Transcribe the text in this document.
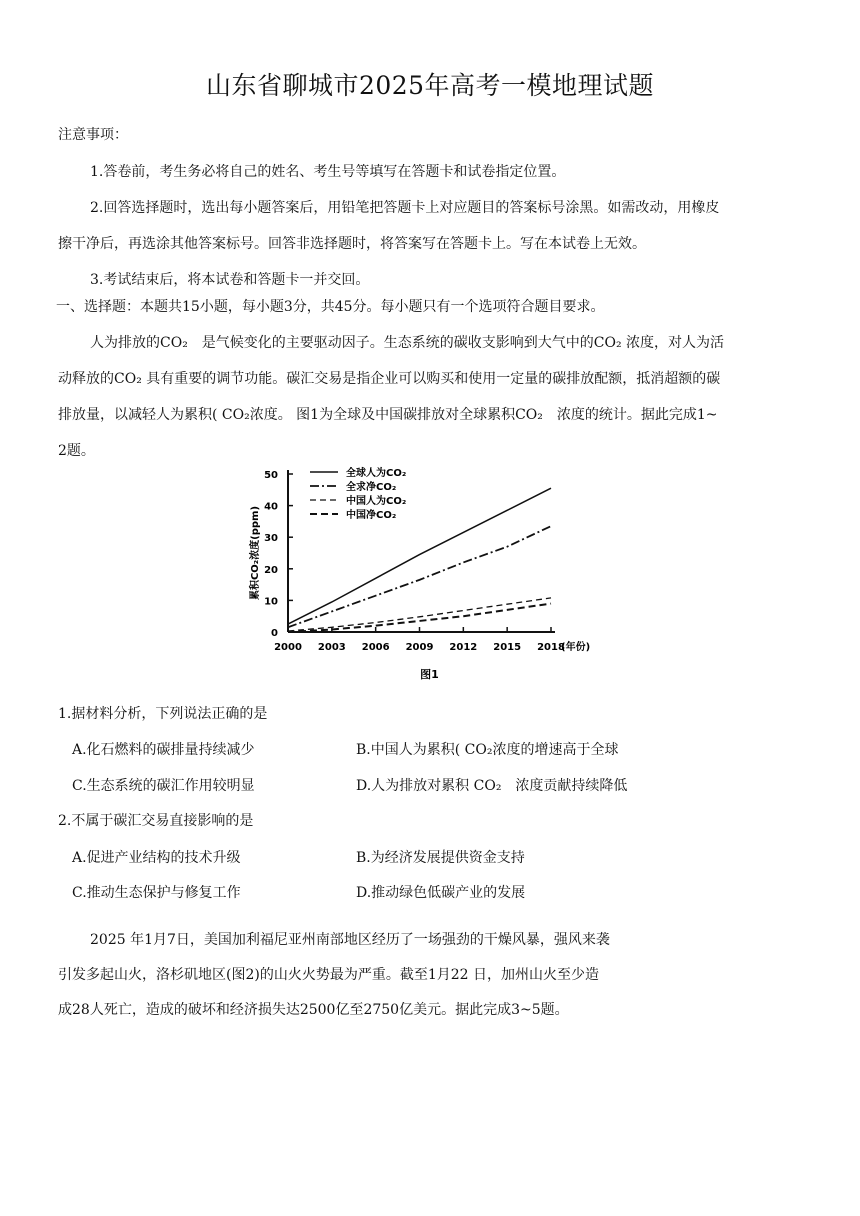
山东省聊城市2025年高考一模地理试题
注意事项：
1.答卷前，考生务必将自己的姓名、考生号等填写在答题卡和试卷指定位置。
2.回答选择题时，选出每小题答案后，用铅笔把答题卡上对应题目的答案标号涂黑。如需改动，用橡皮
擦干净后，再选涂其他答案标号。回答非选择题时，将答案写在答题卡上。写在本试卷上无效。
3.考试结束后，将本试卷和答题卡一并交回。
一、选择题：本题共15小题，每小题3分，共45分。每小题只有一个选项符合题目要求。
人为排放的CO₂　是气候变化的主要驱动因子。生态系统的碳收支影响到大气中的CO₂ 浓度，对人为活
动释放的CO₂ 具有重要的调节功能。碳汇交易是指企业可以购买和使用一定量的碳排放配额，抵消超额的碳
排放量，以减轻人为累积( CO₂浓度。 图1为全球及中国碳排放对全球累积CO₂　浓度的统计。据此完成1~
2题。
0
10
20
30
40
50
2000 2003 2006 2009 2012 2015 2018
累积CO₂浓度(ppm)
(年份)
图1
全球人为CO₂
全求净CO₂
中国人为CO₂
中国净CO₂
1.据材料分析，下列说法正确的是
A.化石燃料的碳排量持续减少	B.中国人为累积( CO₂浓度的增速高于全球
C.生态系统的碳汇作用较明显	D.人为排放对累积 CO₂　浓度贡献持续降低
2.不属于碳汇交易直接影响的是
A.促进产业结构的技术升级	B.为经济发展提供资金支持
C.推动生态保护与修复工作	D.推动绿色低碳产业的发展
2025 年1月7日，美国加利福尼亚州南部地区经历了一场强劲的干燥风暴，强风来袭
引发多起山火，洛杉矶地区(图2)的山火火势最为严重。截至1月22 日，加州山火至少造
成28人死亡，造成的破坏和经济损失达2500亿至2750亿美元。据此完成3~5题。
